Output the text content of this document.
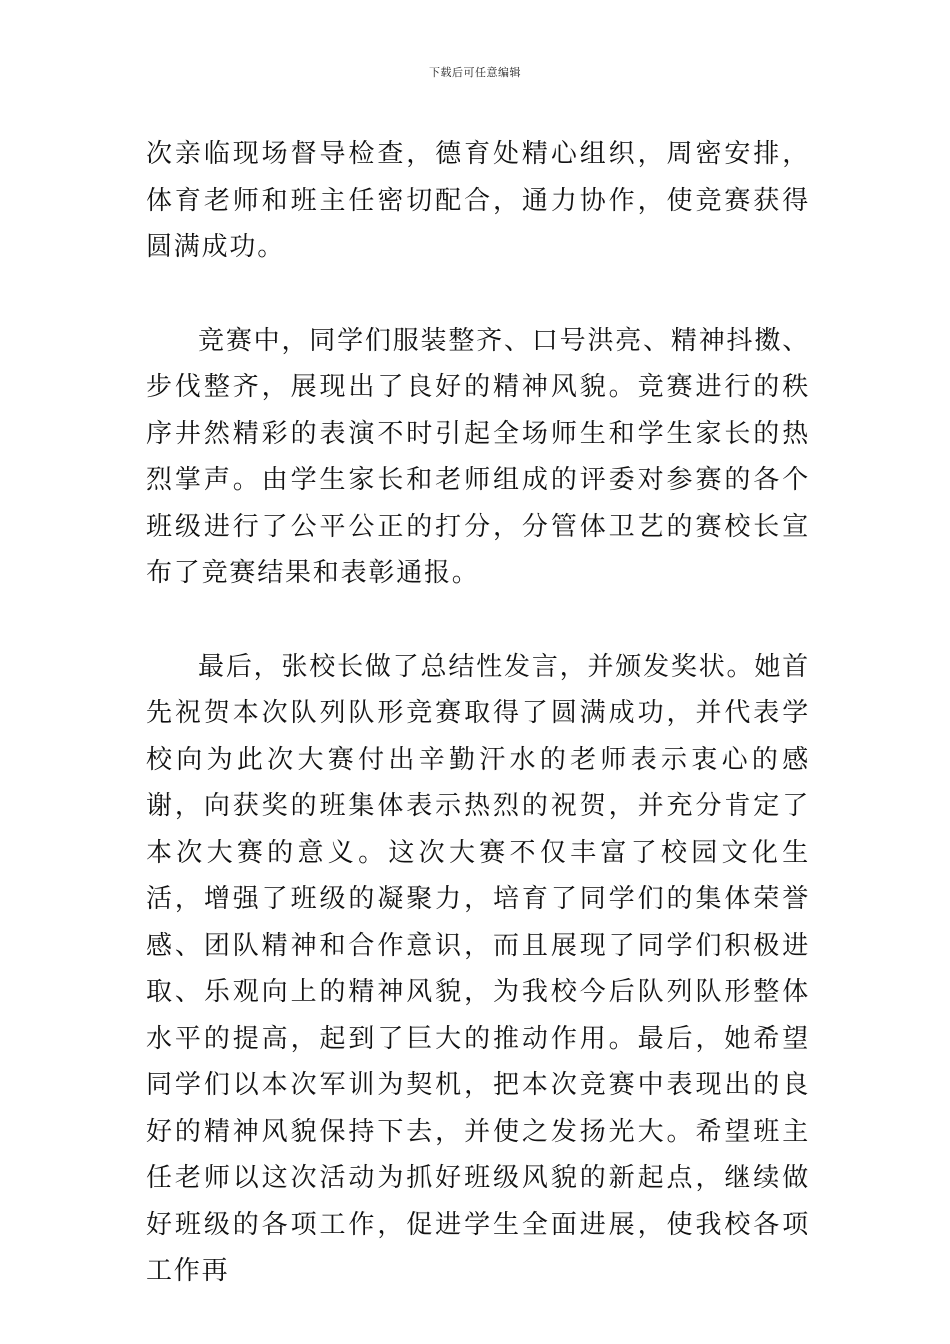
下载后可任意编辑

次亲临现场督导检查，德育处精心组织，周密安排，体育老师和班主任密切配合，通力协作，使竞赛获得圆满成功。

竞赛中，同学们服装整齐、口号洪亮、精神抖擞、步伐整齐，展现出了良好的精神风貌。竞赛进行的秩序井然精彩的表演不时引起全场师生和学生家长的热烈掌声。由学生家长和老师组成的评委对参赛的各个班级进行了公平公正的打分，分管体卫艺的赛校长宣布了竞赛结果和表彰通报。

最后，张校长做了总结性发言，并颁发奖状。她首先祝贺本次队列队形竞赛取得了圆满成功，并代表学校向为此次大赛付出辛勤汗水的老师表示衷心的感谢，向获奖的班集体表示热烈的祝贺，并充分肯定了本次大赛的意义。这次大赛不仅丰富了校园文化生活，增强了班级的凝聚力，培育了同学们的集体荣誉感、团队精神和合作意识，而且展现了同学们积极进取、乐观向上的精神风貌，为我校今后队列队形整体水平的提高，起到了巨大的推动作用。最后，她希望同学们以本次军训为契机，把本次竞赛中表现出的良好的精神风貌保持下去，并使之发扬光大。希望班主任老师以这次活动为抓好班级风貌的新起点，继续做好班级的各项工作，促进学生全面进展，使我校各项工作再
